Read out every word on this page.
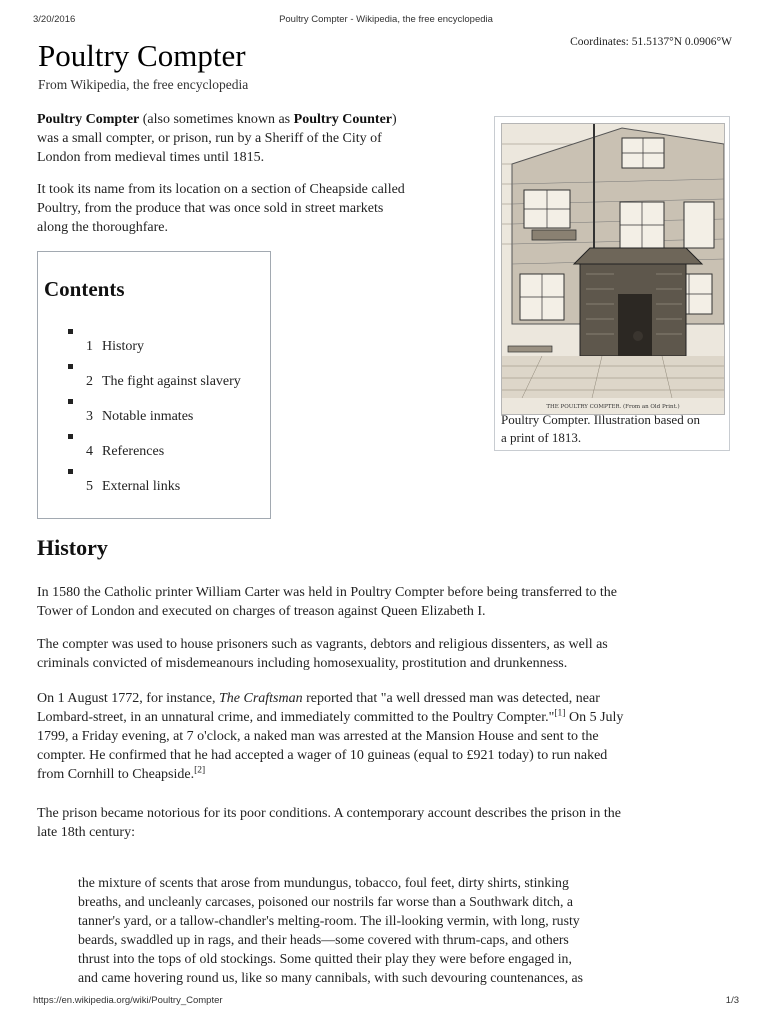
3/20/2016	Poultry Compter - Wikipedia, the free encyclopedia
Coordinates: 51.5137°N 0.0906°W
Poultry Compter
From Wikipedia, the free encyclopedia

Poultry Compter (also sometimes known as Poultry Counter)
was a small compter, or prison, run by a Sheriff of the City of
London from medieval times until 1815.

It took its name from its location on a section of Cheapside called
Poultry, from the produce that was once sold in street markets
along the thoroughfare.

THE POULTRY COMPTER. (From an Old Print.)
Poultry Compter. Illustration based on
a print of 1813.
Contents
1 History
2 The fight against slavery
3 Notable inmates
4 References
5 External links
History

In 1580 the Catholic printer William Carter was held in Poultry Compter before being transferred to the
Tower of London and executed on charges of treason against Queen Elizabeth I.

The compter was used to house prisoners such as vagrants, debtors and religious dissenters, as well as
criminals convicted of misdemeanours including homosexuality, prostitution and drunkenness.

On 1 August 1772, for instance, The Craftsman reported that "a well dressed man was detected, near
Lombard-street, in an unnatural crime, and immediately committed to the Poultry Compter."[1] On 5 July
1799, a Friday evening, at 7 o'clock, a naked man was arrested at the Mansion House and sent to the
compter. He confirmed that he had accepted a wager of 10 guineas (equal to £921 today) to run naked
from Cornhill to Cheapside.[2]

The prison became notorious for its poor conditions. A contemporary account describes the prison in the
late 18th century:

the mixture of scents that arose from mundungus, tobacco, foul feet, dirty shirts, stinking
breaths, and uncleanly carcases, poisoned our nostrils far worse than a Southwark ditch, a
tanner's yard, or a tallow-chandler's melting-room. The ill-looking vermin, with long, rusty
beards, swaddled up in rags, and their heads—some covered with thrum-caps, and others
thrust into the tops of old stockings. Some quitted their play they were before engaged in,
and came hovering round us, like so many cannibals, with such devouring countenances, as
https://en.wikipedia.org/wiki/Poultry_Compter	1/3
